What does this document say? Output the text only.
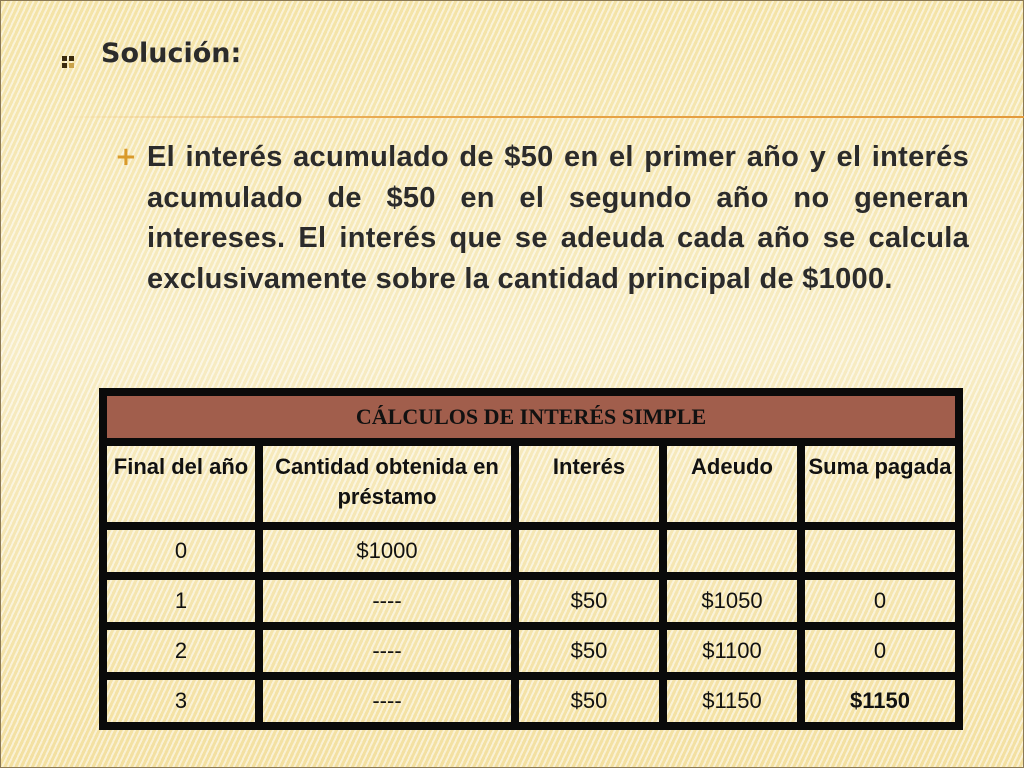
Solución:
+ El interés acumulado de $50 en el primer año y el interés acumulado de $50 en el segundo año no generan intereses. El interés que se adeuda cada año se calcula exclusivamente sobre la cantidad principal de $1000.
CÁLCULOS DE INTERÉS SIMPLE				
Final del año	Cantidad obtenida en préstamo	Interés	Adeudo	Suma pagada
0	$1000			
1	----	$50	$1050	0
2	----	$50	$1100	0
3	----	$50	$1150	$1150
